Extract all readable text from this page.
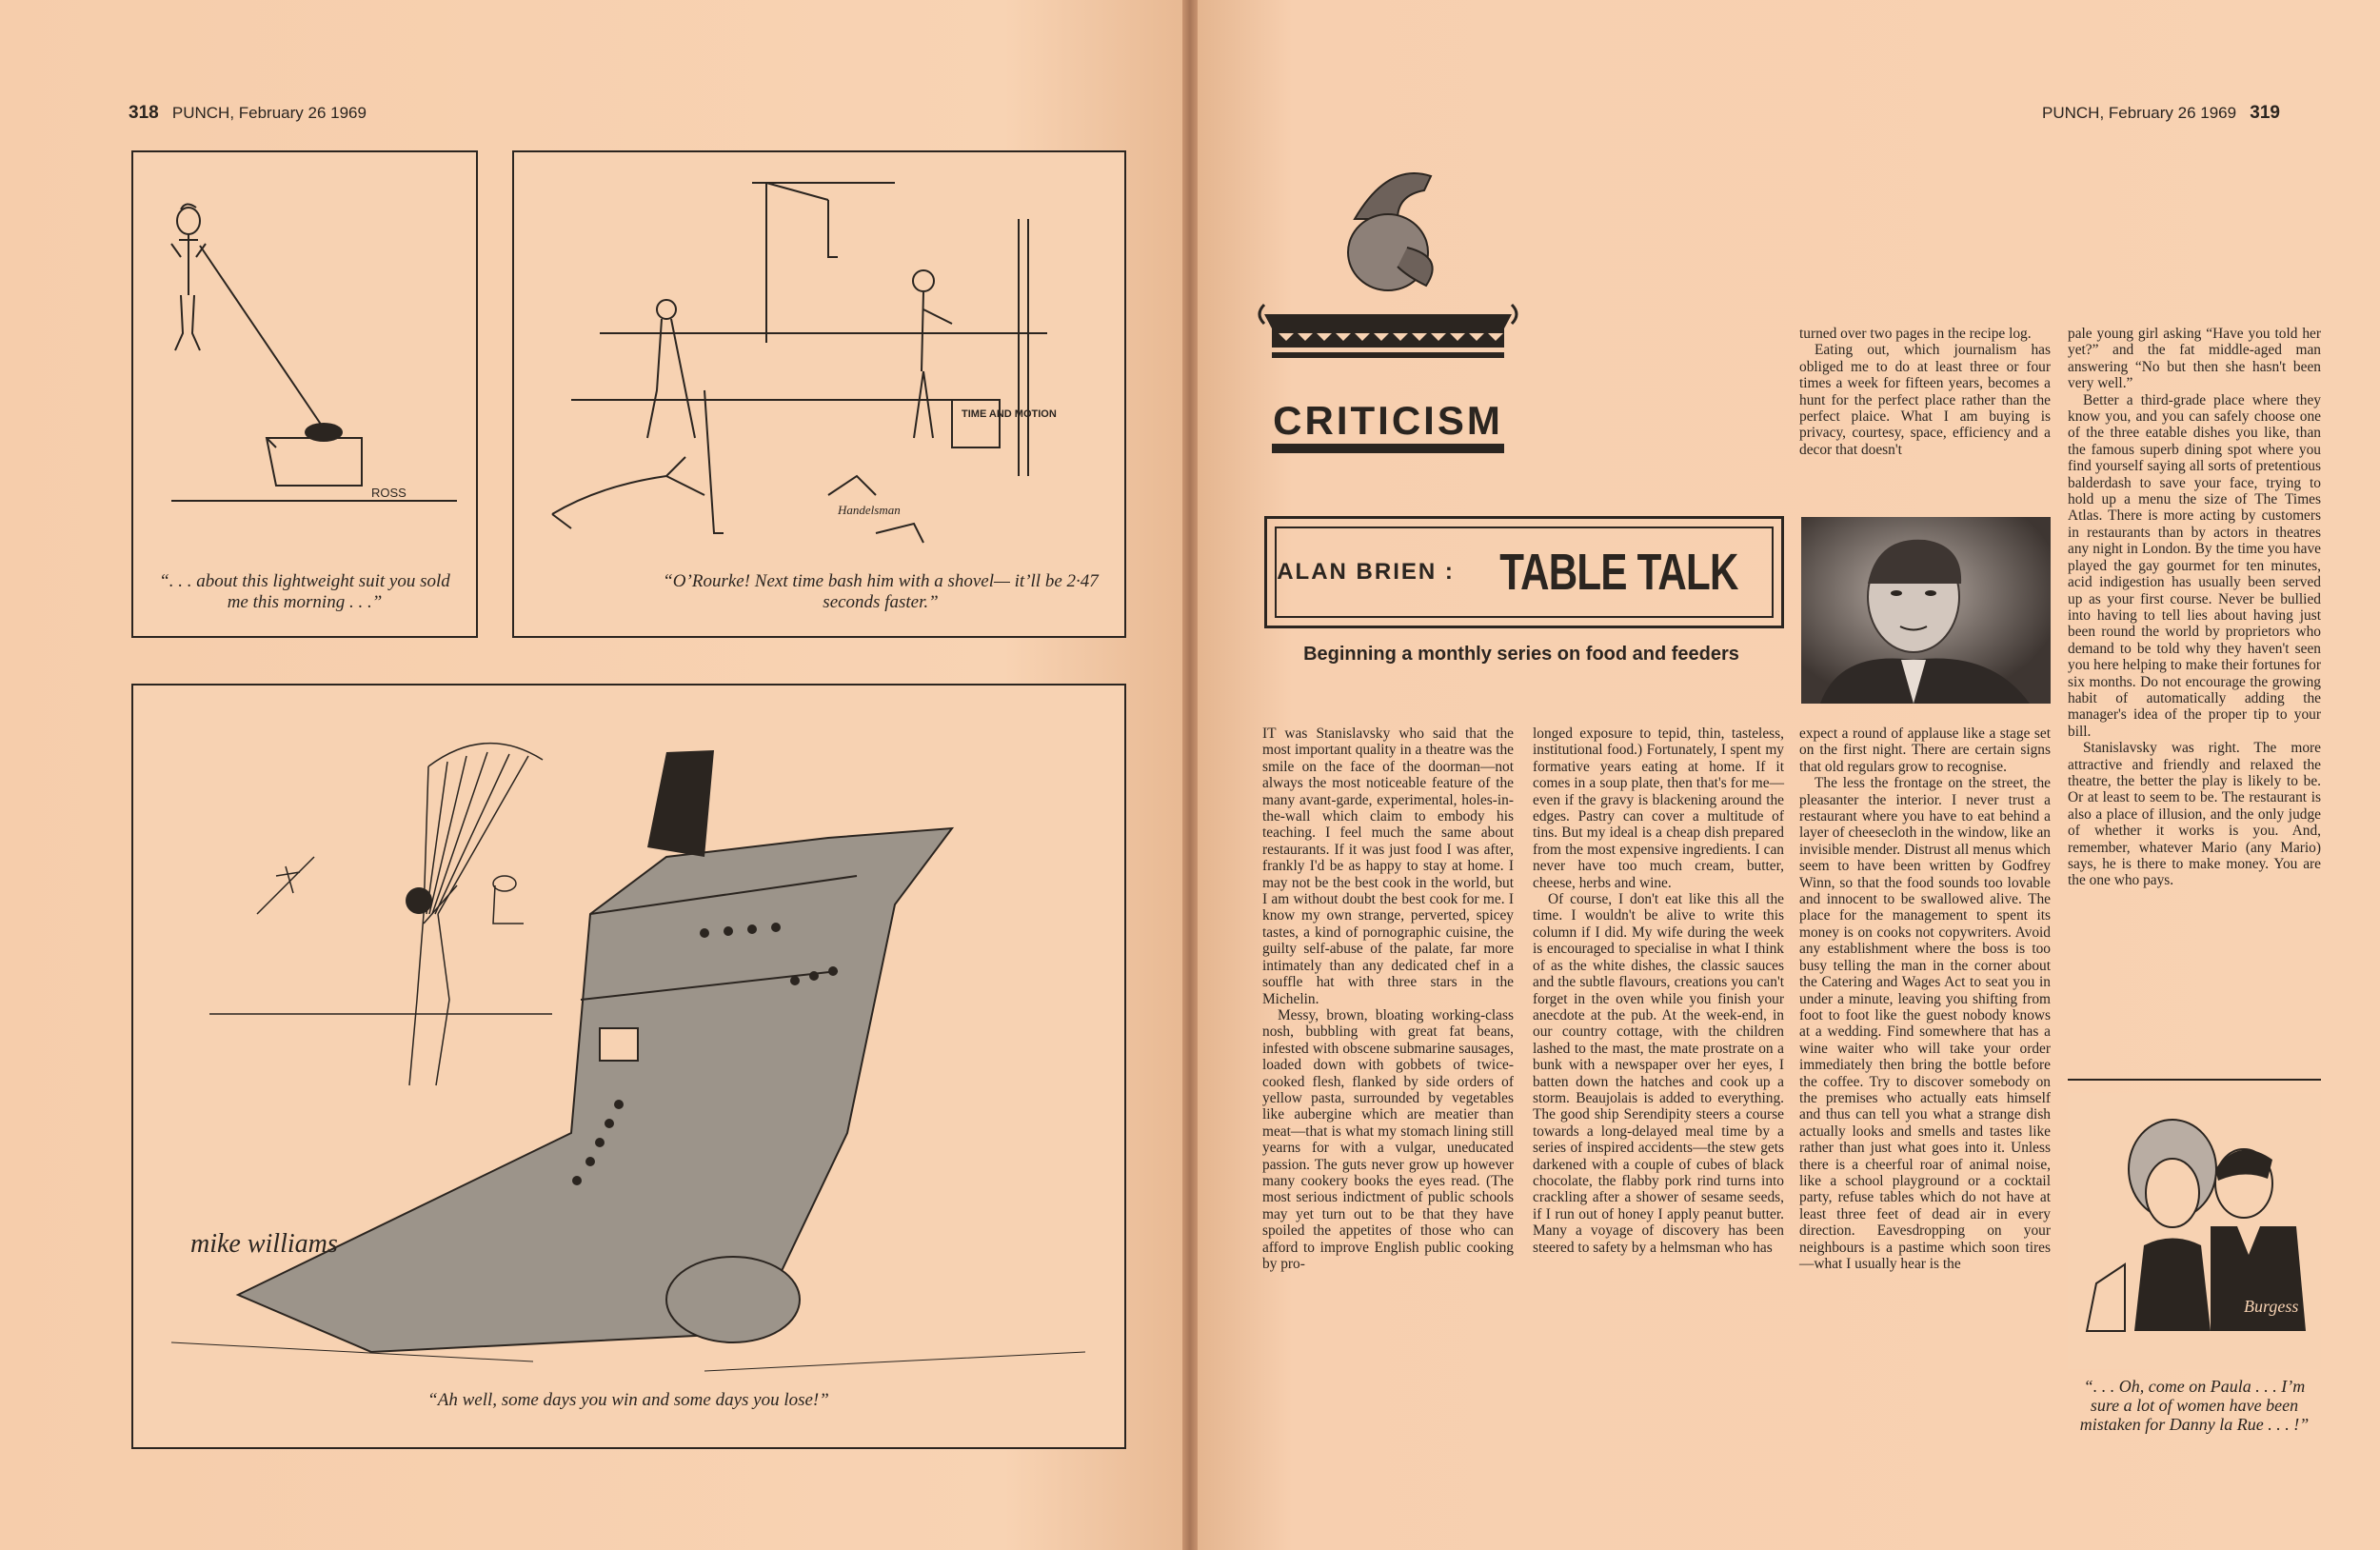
318 PUNCH, February 26 1969
ROSS
“. . . about this lightweight suit you sold me this morning . . .”
TIME AND MOTION
Handelsman
“O’Rourke! Next time bash him with a shovel— it’ll be 2·47 seconds faster.”
mike williams
“Ah well, some days you win and some days you lose!”
PUNCH, February 26 1969 319
CRITICISM
ALAN BRIEN : TABLE TALK
Beginning a monthly series on food and feeders

IT was Stanislavsky who said that the most important quality in a theatre was the smile on the face of the doorman—not always the most noticeable feature of the many avant-garde, experimental, holes-in-the-wall which claim to embody his teaching. I feel much the same about restaurants. If it was just food I was after, frankly I'd be as happy to stay at home. I may not be the best cook in the world, but I am without doubt the best cook for me. I know my own strange, perverted, spicey tastes, a kind of pornographic cuisine, the guilty self-abuse of the palate, far more intimately than any dedicated chef in a souffle hat with three stars in the Michelin.

Messy, brown, bloating working-class nosh, bubbling with great fat beans, infested with obscene submarine sausages, loaded down with gobbets of twice-cooked flesh, flanked by side orders of yellow pasta, surrounded by vegetables like aubergine which are meatier than meat—that is what my stomach lining still yearns for with a vulgar, uneducated passion. The guts never grow up however many cookery books the eyes read. (The most serious indictment of public schools may yet turn out to be that they have spoiled the appetites of those who can afford to improve English public cooking by pro-

longed exposure to tepid, thin, tasteless, institutional food.) Fortunately, I spent my formative years eating at home. If it comes in a soup plate, then that's for me—even if the gravy is blackening around the edges. Pastry can cover a multitude of tins. But my ideal is a cheap dish prepared from the most expensive ingredients. I can never have too much cream, butter, cheese, herbs and wine.

Of course, I don't eat like this all the time. I wouldn't be alive to write this column if I did. My wife during the week is encouraged to specialise in what I think of as the white dishes, the classic sauces and the subtle flavours, creations you can't forget in the oven while you finish your anecdote at the pub. At the week-end, in our country cottage, with the children lashed to the mast, the mate prostrate on a bunk with a newspaper over her eyes, I batten down the hatches and cook up a storm. Beaujolais is added to everything. The good ship Serendipity steers a course towards a long-delayed meal time by a series of inspired accidents—the stew gets darkened with a couple of cubes of black chocolate, the flabby pork rind turns into crackling after a shower of sesame seeds, if I run out of honey I apply peanut butter. Many a voyage of discovery has been steered to safety by a helmsman who has

turned over two pages in the recipe log.

Eating out, which journalism has obliged me to do at least three or four times a week for fifteen years, becomes a hunt for the perfect place rather than the perfect plaice. What I am buying is privacy, courtesy, space, efficiency and a decor that doesn't

expect a round of applause like a stage set on the first night. There are certain signs that old regulars grow to recognise.

The less the frontage on the street, the pleasanter the interior. I never trust a restaurant where you have to eat behind a layer of cheesecloth in the window, like an invisible mender. Distrust all menus which seem to have been written by Godfrey Winn, so that the food sounds too lovable and innocent to be swallowed alive. The place for the management to spent its money is on cooks not copywriters. Avoid any establishment where the boss is too busy telling the man in the corner about the Catering and Wages Act to seat you in under a minute, leaving you shifting from foot to foot like the guest nobody knows at a wedding. Find somewhere that has a wine waiter who will take your order immediately then bring the bottle before the coffee. Try to discover somebody on the premises who actually eats himself and thus can tell you what a strange dish actually looks and smells and tastes like rather than just what goes into it. Unless there is a cheerful roar of animal noise, like a school playground or a cocktail party, refuse tables which do not have at least three feet of dead air in every direction. Eavesdropping on your neighbours is a pastime which soon tires—what I usually hear is the

pale young girl asking “Have you told her yet?” and the fat middle-aged man answering “No but then she hasn't been very well.”

Better a third-grade place where they know you, and you can safely choose one of the three eatable dishes you like, than the famous superb dining spot where you find yourself saying all sorts of pretentious balderdash to save your face, trying to hold up a menu the size of The Times Atlas. There is more acting by customers in restaurants than by actors in theatres any night in London. By the time you have played the gay gourmet for ten minutes, acid indigestion has usually been served up as your first course. Never be bullied into having to tell lies about having just been round the world by proprietors who demand to be told why they haven't seen you here helping to make their fortunes for six months. Do not encourage the growing habit of automatically adding the manager's idea of the proper tip to your bill.

Stanislavsky was right. The more attractive and friendly and relaxed the theatre, the better the play is likely to be. Or at least to seem to be. The restaurant is also a place of illusion, and the only judge of whether it works is you. And, remember, whatever Mario (any Mario) says, he is there to make money. You are the one who pays.

Burgess
“. . . Oh, come on Paula . . . I’m sure a lot of women have been mistaken for Danny la Rue . . . !”
